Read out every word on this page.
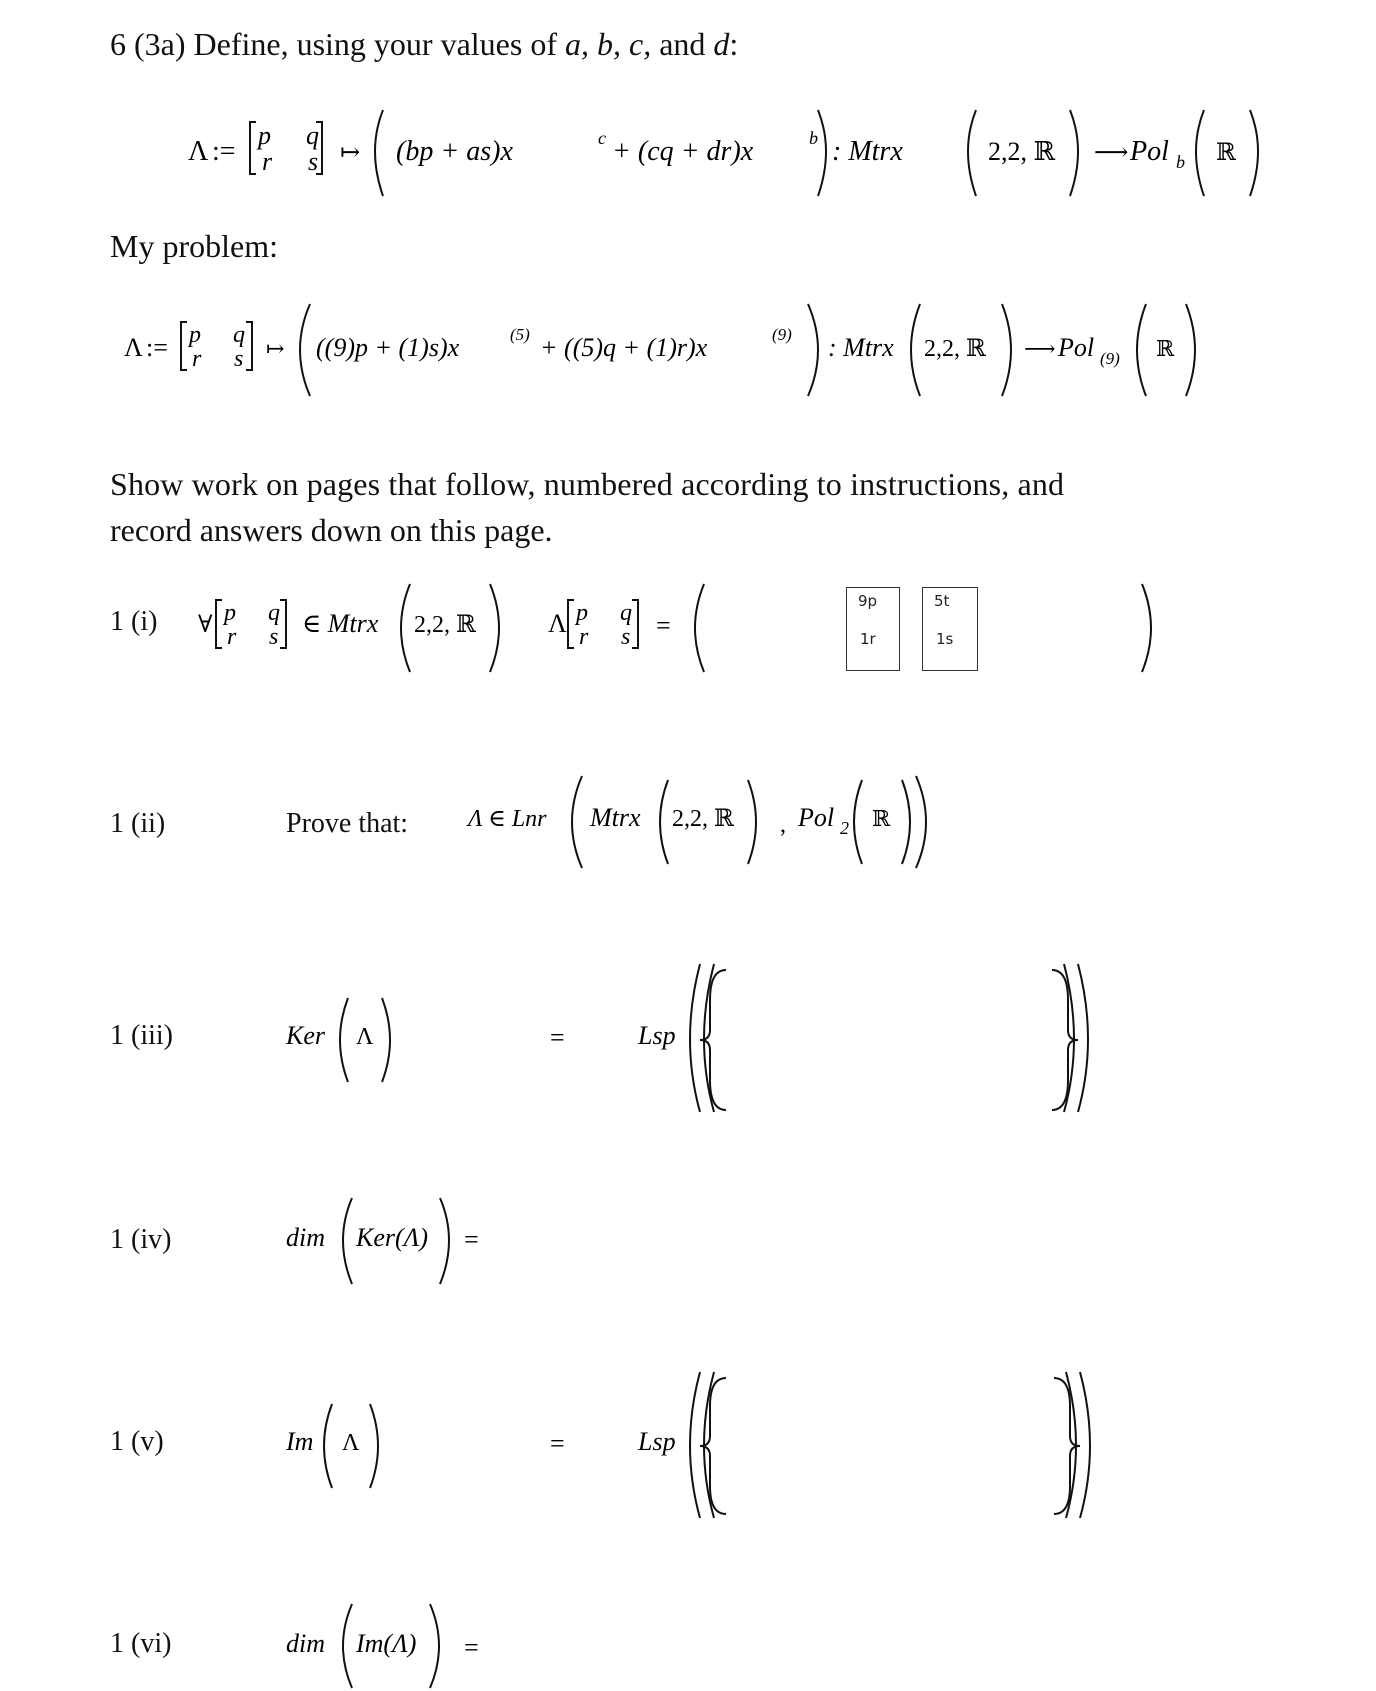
6 (3a) Define, using your values of a, b, c, and d:
Λ :=
p q
r s ↦ (bp + as)x	c + (cq + dr)x	b : Mtrx	2,2, ℝ ⟶ Pol b ℝ
My problem:
Λ := p q
r s ↦ ((9)p + (1)s)x	(5) + ((5)q + (1)r)x	(9) : Mtrx 2,2, ℝ ⟶ Pol (9) ℝ
Show work on pages that follow, numbered according to instructions, and
record answers down on this page.
1 (i) ∀ p q
r s ∈ Mtrx 2,2, ℝ	Λ p q
r s =
9p	5t
1r	1s
1 (ii)	Prove that: Λ ∈ Lnr Mtrx 2,2, ℝ , Pol 2 ℝ
1 (iii)	Ker Λ	=	Lsp
1 (iv)	dim Ker(Λ) =
1 (v)	Im Λ	=	Lsp
1 (vi)	dim Im(Λ) =
